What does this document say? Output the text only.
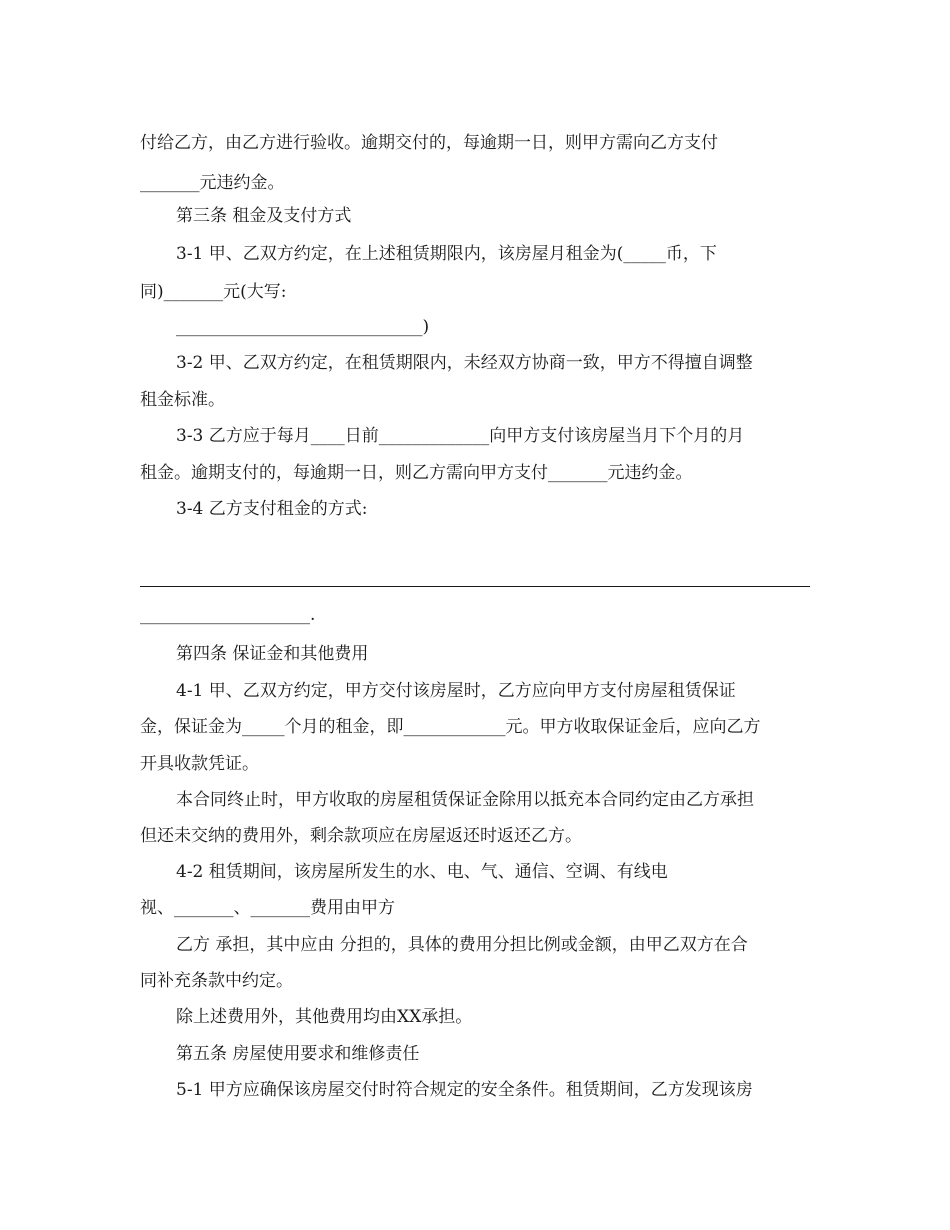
付给乙方，由乙方进行验收。逾期交付的，每逾期一日，则甲方需向乙方支付
_______元违约金。
第三条 租金及支付方式
3-1 甲、乙双方约定，在上述租赁期限内，该房屋月租金为(_____币，下
同)_______元(大写:
_____________________________)
3-2 甲、乙双方约定，在租赁期限内，未经双方协商一致，甲方不得擅自调整
租金标准。
3-3 乙方应于每月____日前_____________向甲方支付该房屋当月下个月的月
租金。逾期支付的，每逾期一日，则乙方需向甲方支付_______元违约金。
3-4 乙方支付租金的方式:
____________________.
第四条 保证金和其他费用
4-1 甲、乙双方约定，甲方交付该房屋时，乙方应向甲方支付房屋租赁保证
金，保证金为_____个月的租金，即____________元。甲方收取保证金后，应向乙方
开具收款凭证。
本合同终止时，甲方收取的房屋租赁保证金除用以抵充本合同约定由乙方承担
但还未交纳的费用外，剩余款项应在房屋返还时返还乙方。
4-2 租赁期间，该房屋所发生的水、电、气、通信、空调、有线电
视、_______、_______费用由甲方
乙方 承担，其中应由 分担的，具体的费用分担比例或金额，由甲乙双方在合
同补充条款中约定。
除上述费用外，其他费用均由XX承担。
第五条 房屋使用要求和维修责任
5-1 甲方应确保该房屋交付时符合规定的安全条件。租赁期间，乙方发现该房
